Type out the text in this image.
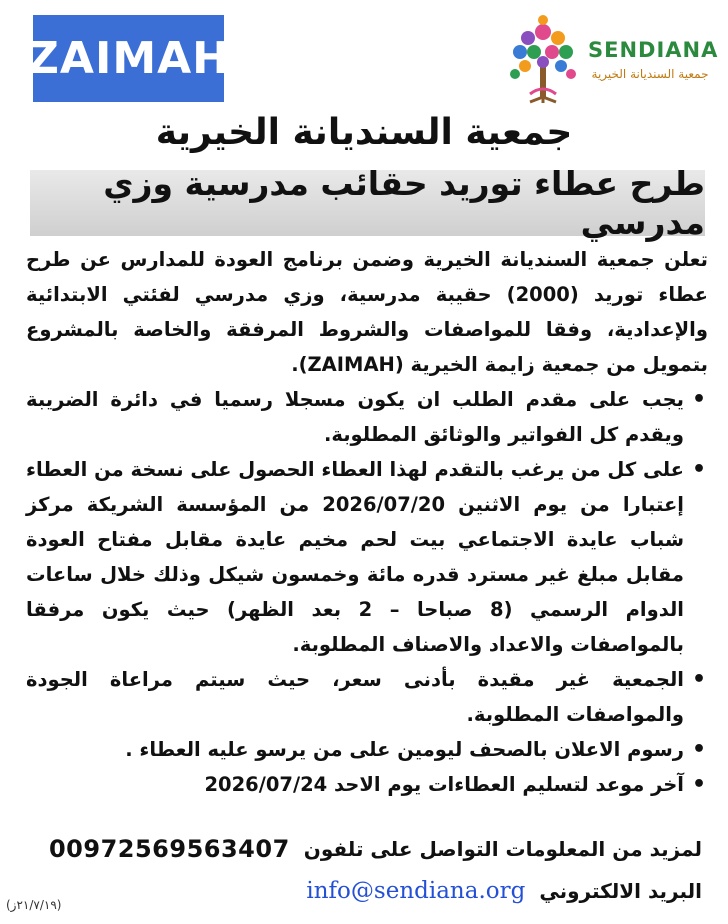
ZAIMAH	SENDIANA
جمعية السنديانة الخيرية
جمعية السنديانة الخيرية
طرح عطاء توريد حقائب مدرسية وزي مدرسي

تعلن جمعية السنديانة الخيرية وضمن برنامج العودة للمدارس عن طرح عطاء توريد (2000) حقيبة مدرسية، وزي مدرسي لفئتي الابتدائية والإعدادية، وفقا للمواصفات والشروط المرفقة والخاصة بالمشروع بتمويل من جمعية زايمة الخيرية (ZAIMAH).

• يجب على مقدم الطلب ان يكون مسجلا رسميا في دائرة الضريبة ويقدم كل الفواتير والوثائق المطلوبة.
• على كل من يرغب بالتقدم لهذا العطاء الحصول على نسخة من العطاء إعتبارا من يوم الاثنين 2026/07/20 من المؤسسة الشريكة مركز شباب عايدة الاجتماعي بيت لحم مخيم عايدة مقابل مفتاح العودة مقابل مبلغ غير مسترد قدره مائة وخمسون شيكل وذلك خلال ساعات الدوام الرسمي (8 صباحا – 2 بعد الظهر) حيث يكون مرفقا بالمواصفات والاعداد والاصناف المطلوبة.
• الجمعية غير مقيدة بأدنى سعر، حيث سيتم مراعاة الجودة والمواصفات المطلوبة.
• رسوم الاعلان بالصحف ليومين على من يرسو عليه العطاء .
• آخر موعد لتسليم العطاءات يوم الاحد 2026/07/24
لمزيد من المعلومات التواصل على تلفون
00972569563407
البريد الالكتروني
info@sendiana.org
(٢١/٧/١٩ز)
